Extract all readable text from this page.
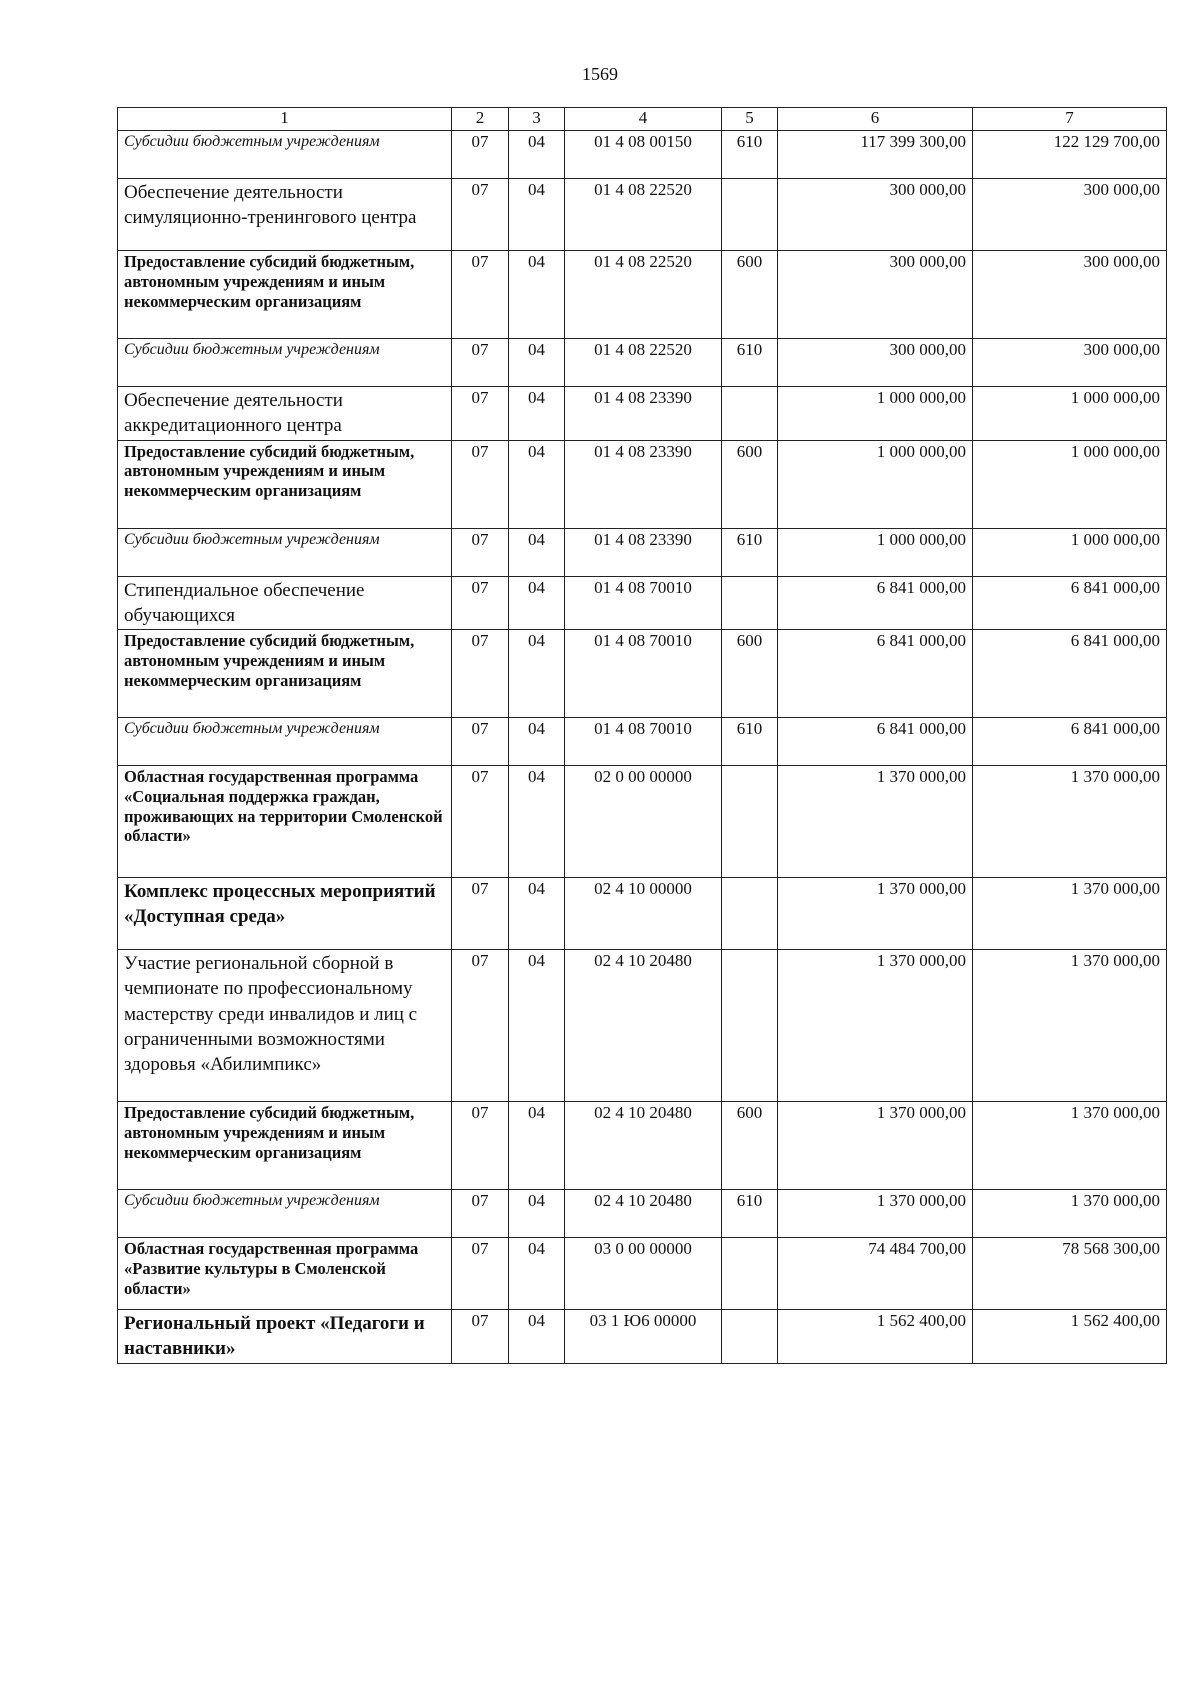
1569
1	2	3	4	5	6	7
Субсидии бюджетным учреждениям	07	04	01 4 08 00150	610	117 399 300,00	122 129 700,00
Обеспечение деятельности симуляционно-тренингового центра	07	04	01 4 08 22520		300 000,00	300 000,00
Предоставление субсидий бюджетным, автономным учреждениям и иным некоммерческим организациям	07	04	01 4 08 22520	600	300 000,00	300 000,00
Субсидии бюджетным учреждениям	07	04	01 4 08 22520	610	300 000,00	300 000,00
Обеспечение деятельности аккредитационного центра	07	04	01 4 08 23390		1 000 000,00	1 000 000,00
Предоставление субсидий бюджетным, автономным учреждениям и иным некоммерческим организациям	07	04	01 4 08 23390	600	1 000 000,00	1 000 000,00
Субсидии бюджетным учреждениям	07	04	01 4 08 23390	610	1 000 000,00	1 000 000,00
Стипендиальное обеспечение обучающихся	07	04	01 4 08 70010		6 841 000,00	6 841 000,00
Предоставление субсидий бюджетным, автономным учреждениям и иным некоммерческим организациям	07	04	01 4 08 70010	600	6 841 000,00	6 841 000,00
Субсидии бюджетным учреждениям	07	04	01 4 08 70010	610	6 841 000,00	6 841 000,00
Областная государственная программа «Социальная поддержка граждан, проживающих на территории Смоленской области»	07	04	02 0 00 00000		1 370 000,00	1 370 000,00
Комплекс процессных мероприятий «Доступная среда»	07	04	02 4 10 00000		1 370 000,00	1 370 000,00
Участие региональной сборной в чемпионате по профессиональному мастерству среди инвалидов и лиц с ограниченными возможностями здоровья «Абилимпикс»	07	04	02 4 10 20480		1 370 000,00	1 370 000,00
Предоставление субсидий бюджетным, автономным учреждениям и иным некоммерческим организациям	07	04	02 4 10 20480	600	1 370 000,00	1 370 000,00
Субсидии бюджетным учреждениям	07	04	02 4 10 20480	610	1 370 000,00	1 370 000,00
Областная государственная программа «Развитие культуры в Смоленской области»	07	04	03 0 00 00000		74 484 700,00	78 568 300,00
Региональный проект «Педагоги и наставники»	07	04	03 1 Ю6 00000		1 562 400,00	1 562 400,00
